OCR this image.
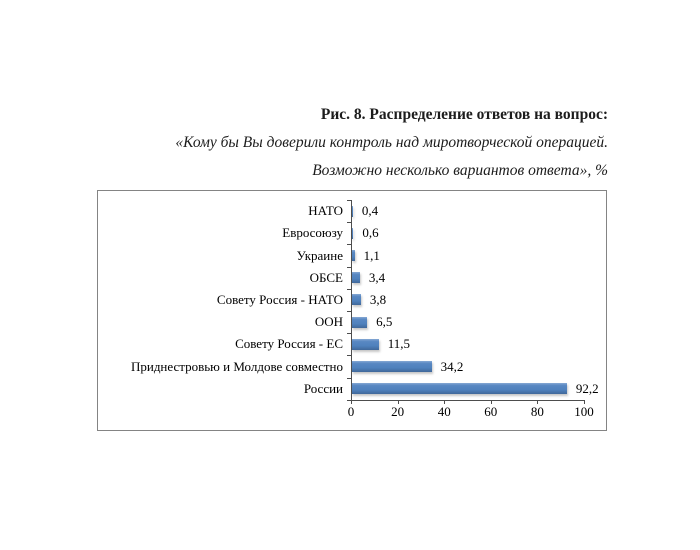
Рис. 8. Распределение ответов на вопрос:
«Кому бы Вы доверили контроль над миротворческой операцией.
Возможно несколько вариантов ответа», %
0	20	40	60	80	100
НАТО 0,4
Евросоюзу 0,6
Украине 1,1
ОБСЕ 3,4
Совету Россия - НАТО 3,8
ООН	6,5
Совету Россия - ЕС	11,5
Приднестровью и Молдове совместно	34,2
России	92,2
